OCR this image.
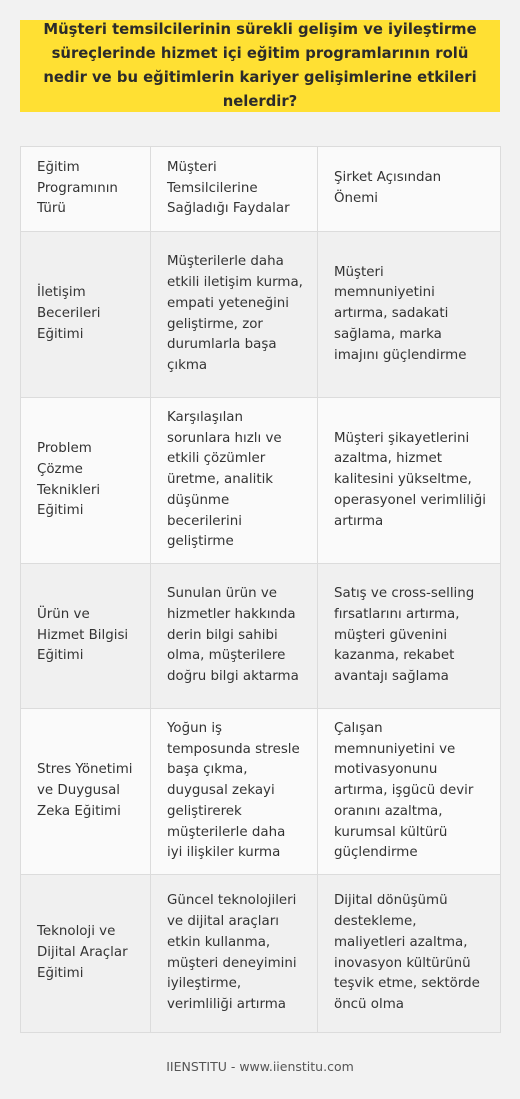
Müşteri temsilcilerinin sürekli gelişim ve iyileştirme süreçlerinde hizmet içi eğitim programlarının rolü nedir ve bu eğitimlerin kariyer gelişimlerine etkileri nelerdir?
Eğitim Programının Türü	Müşteri Temsilcilerine Sağladığı Faydalar	Şirket Açısından Önemi
İletişim Becerileri Eğitimi	Müşterilerle daha etkili iletişim kurma, empati yeteneğini geliştirme, zor durumlarla başa çıkma	Müşteri memnuniyetini artırma, sadakati sağlama, marka imajını güçlendirme
Problem Çözme Teknikleri Eğitimi	Karşılaşılan sorunlara hızlı ve etkili çözümler üretme, analitik düşünme becerilerini geliştirme	Müşteri şikayetlerini azaltma, hizmet kalitesini yükseltme, operasyonel verimliliği artırma
Ürün ve Hizmet Bilgisi Eğitimi	Sunulan ürün ve hizmetler hakkında derin bilgi sahibi olma, müşterilere doğru bilgi aktarma	Satış ve cross-selling fırsatlarını artırma, müşteri güvenini kazanma, rekabet avantajı sağlama
Stres Yönetimi ve Duygusal Zeka Eğitimi	Yoğun iş temposunda stresle başa çıkma, duygusal zekayi geliştirerek müşterilerle daha iyi ilişkiler kurma	Çalışan memnuniyetini ve motivasyonunu artırma, işgücü devir oranını azaltma, kurumsal kültürü güçlendirme
Teknoloji ve Dijital Araçlar Eğitimi	Güncel teknolojileri ve dijital araçları etkin kullanma, müşteri deneyimini iyileştirme, verimliliği artırma	Dijital dönüşümü destekleme, maliyetleri azaltma, inovasyon kültürünü teşvik etme, sektörde öncü olma
IIENSTITU - www.iienstitu.com
